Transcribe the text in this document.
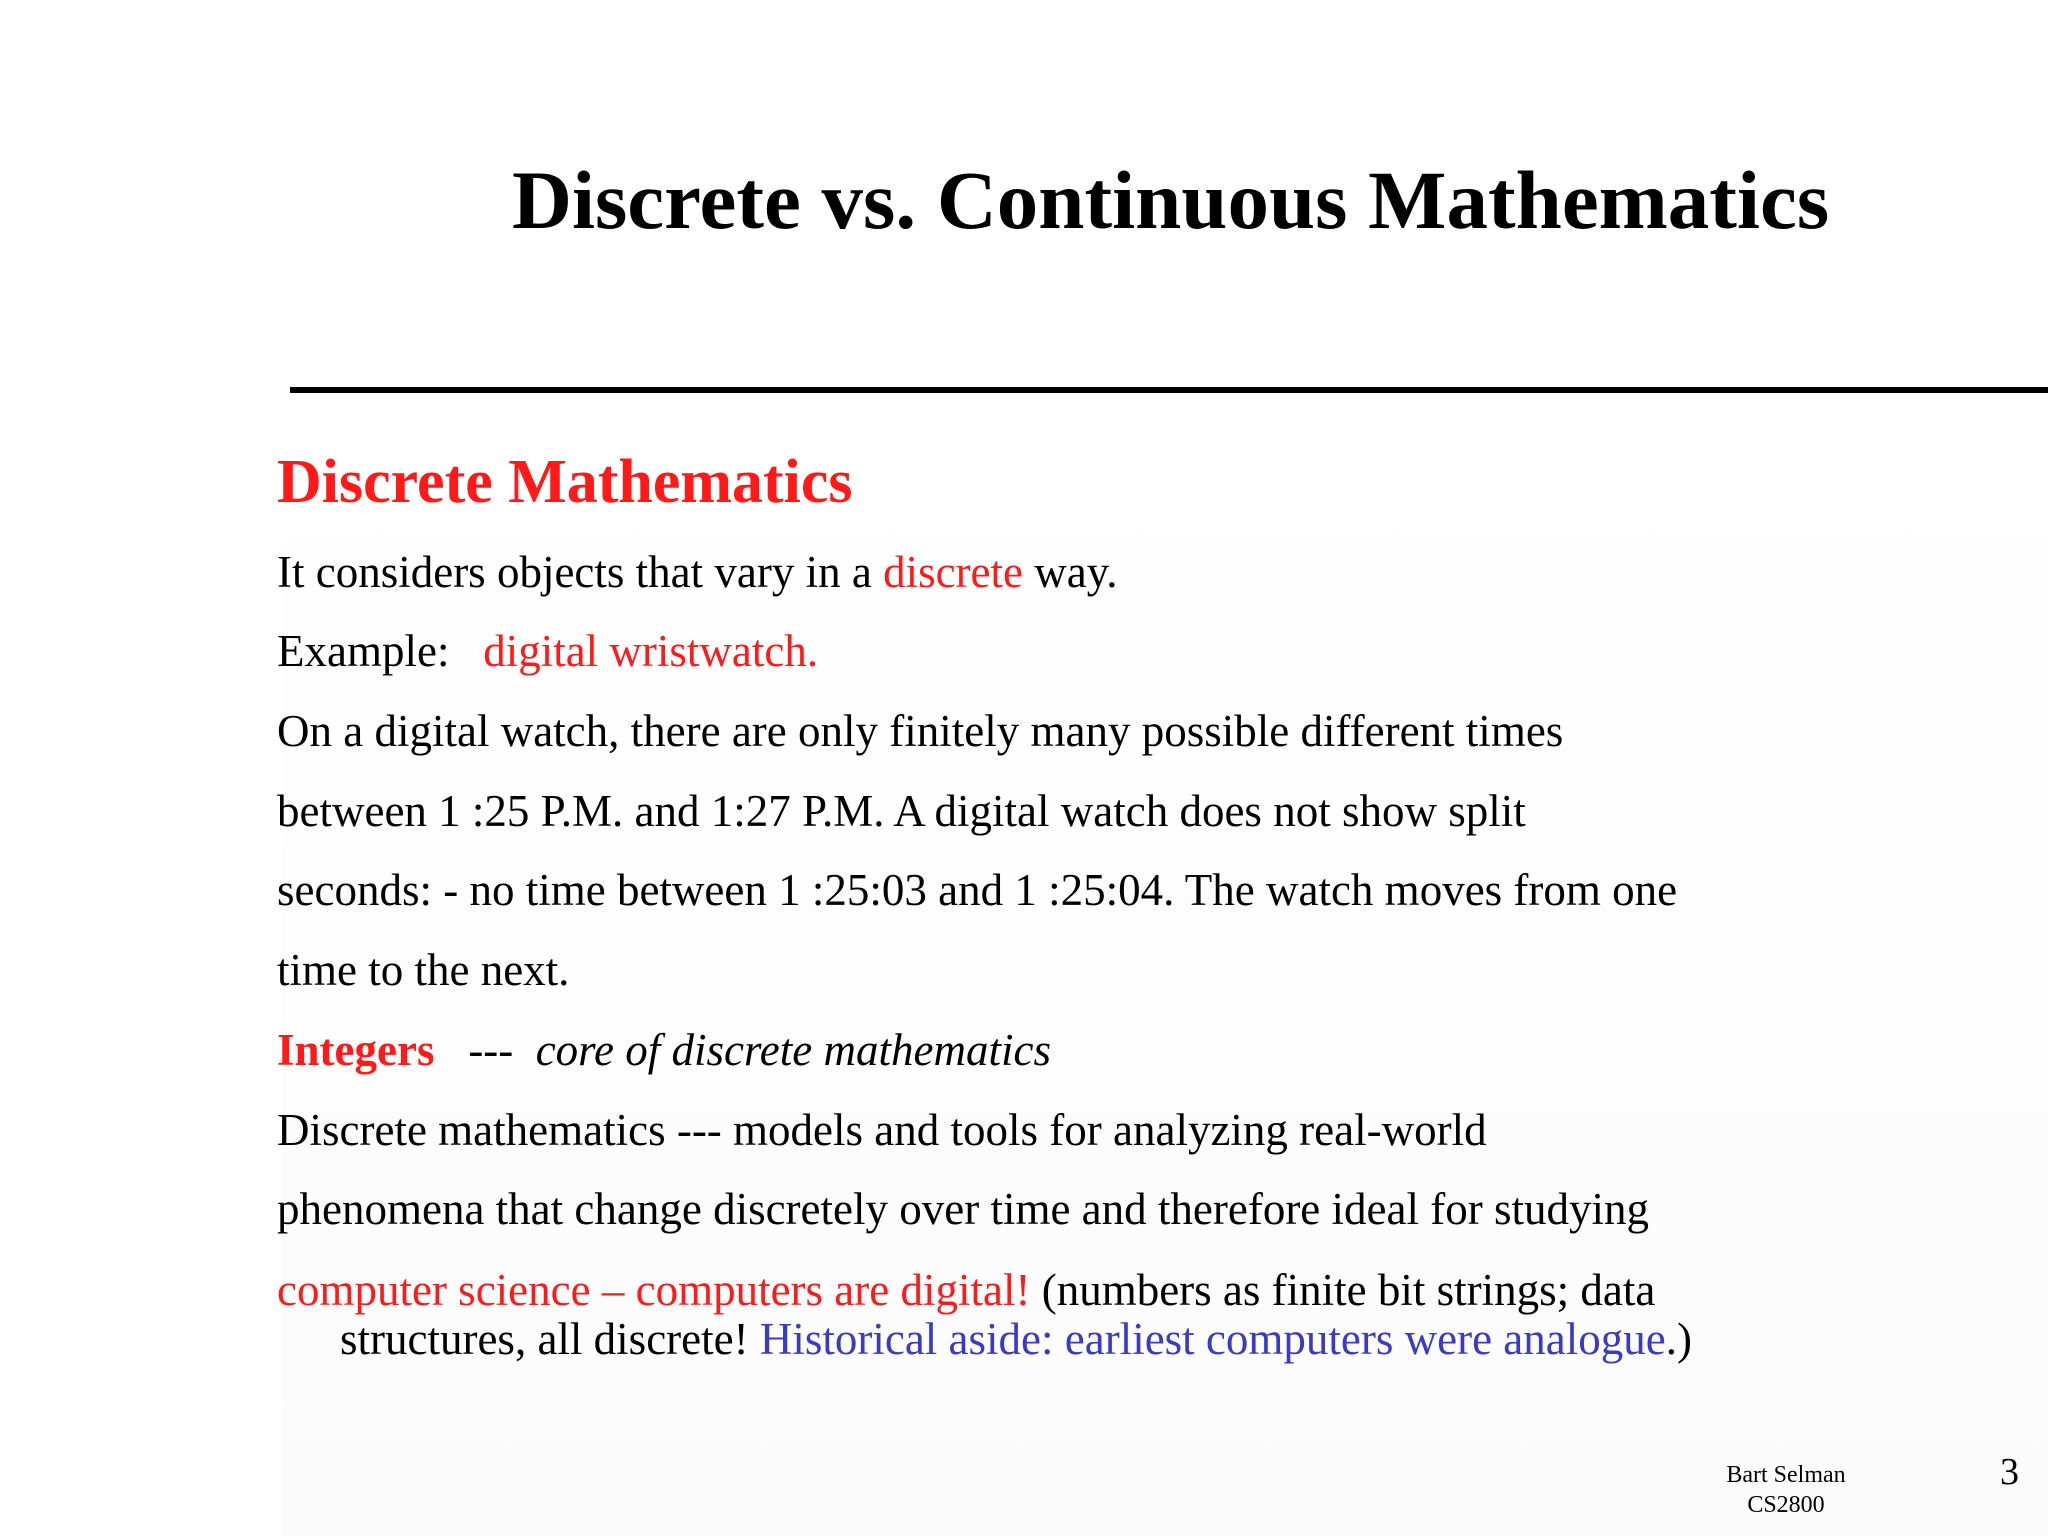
Discrete vs. Continuous Mathematics
Discrete Mathematics

It considers objects that vary in a discrete way.

Example:   digital wristwatch.

On a digital watch, there are only finitely many possible different times

between 1 :25 P.M. and 1:27 P.M. A digital watch does not show split

seconds: - no time between 1 :25:03 and 1 :25:04. The watch moves from one

time to the next.

Integers   ---  core of discrete mathematics

Discrete mathematics --- models and tools for analyzing real-world

phenomena that change discretely over time and therefore ideal for studying

computer science – computers are digital! (numbers as finite bit strings; data

structures, all discrete! Historical aside: earliest computers were analogue.)

Bart Selman
CS2800
3
